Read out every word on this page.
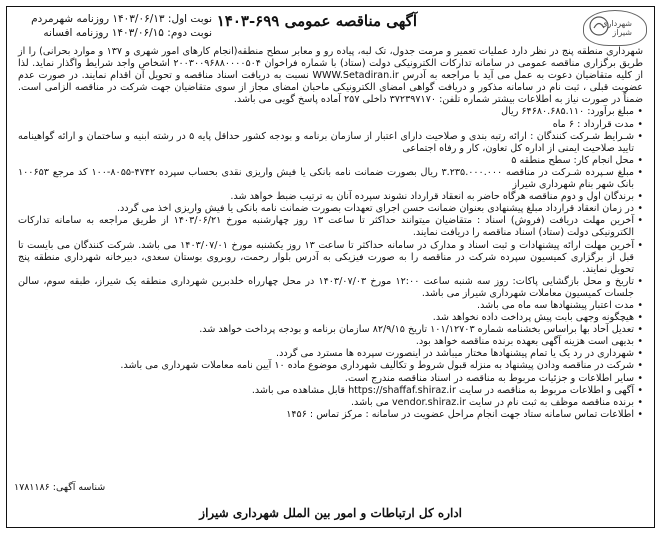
شهرداری شیراز
آگهی مناقصه عمومی ۶۹۹-۱۴۰۳
نوبت اول: ۱۴۰۳/۰۶/۱۳ روزنامه شهرمردم
نوبت دوم: ۱۴۰۳/۰۶/۱۵ روزنامه افسانه

شهرداری منطقه پنج در نظر دارد عملیات تعمیر و مرمت جدول، تک لبه، پیاده رو و معابر سطح منطقه(انجام کارهای امور شهری و ۱۳۷ و موارد بحرانی) را از طریق برگزاری مناقصه عمومی در سامانه تدارکات الکترونیکی دولت (ستاد) با شماره فراخوان ۲۰۰۳۰۰۹۶۸۸۰۰۰۰۵۰۴ اشخاص واجد شرایط واگذار نماید. لذا از کلیه متقاضیان دعوت به عمل می آید با مراجعه به آدرس WWW.Setadiran.ir نسبت به دریافت اسناد مناقصه و تحویل آن اقدام نمایند. در صورت عدم عضویت قبلی ، ثبت نام در سامانه مذکور و دریافت گواهی امضای الکترونیکی ماحبان امضای مجاز از سوی متقاضیان جهت شرکت در مناقصه الزامی است. ضمناً در صورت نیاز به اطلاعات بیشتر شماره تلفن: ۳۷۲۳۹۷۱۷۰ داخلی ۲۵۷ آماده پاسخ گویی می باشد.

• مبلغ برآورد: ۶۴۶۸۰.۶۸۵.۱۱۰ ریال

• مدت قرارداد : ۶ ماه

• شـرایط شـرکت کنندگان : ارائه رتبه بندی و صلاحیت دارای اعتبار از سازمان برنامه و بودجه کشور حداقل پایه ۵ در رشته ابنیه و ساختمان و ارائه گواهینامه تایید صلاحیت ایمنی از اداره کل تعاون، کار و رفاه اجتماعی

• محل انجام کار: سطح منطقه ۵

• مبلغ سـپرده شـرکت در مناقصه ۳.۲۳۵.۰۰۰.۰۰۰ ریال بصورت ضمانت نامه بانکی یا فیش واریزی نقدی بحساب سپرده ۴۷۴۲-۸۰۵۵-۱۰۰ کد مرجع ۱۰۰۶۵۳ بانک شهر بنام شهرداری شیراز

• برندگان اول و دوم مناقصه هرگاه حاضر به انعقاد قرارداد نشوند سپرده آنان به ترتیب ضبط خواهد شد.

• در زمان انعقاد قرارداد مبلغ پیشنهادی بعنوان ضمانت حسن اجرای تعهدات بصورت ضمانت نامه بانکی یا فیش واریزی اخذ می گردد.

• آخرین مهلت دریافت (فروش) اسناد : متقاضیان میتوانند حداکثر تا ساعت ۱۳ روز چهارشنبه مورخ ۱۴۰۳/۰۶/۲۱ از طریق مراجعه به سامانه تدارکات الکترونیکی دولت (ستاد) اسناد مناقصه را دریافت نمایند.

• آخرین مهلت ارائه پیشنهادات و ثبت اسناد و مدارک در سامانه حداکثر تا ساعت ۱۳ روز یکشنبه مورخ ۱۴۰۳/۰۷/۰۱ می باشد. شرکت کنندگان می بایست تا قبل از برگزاری کمیسیون سپرده شرکت در مناقصه را به صورت فیزیکی به آدرس بلوار رحمت، روبروی بوستان سعدی، دبیرخانه شهرداری منطقه پنج تحویل نمایند.

• تاریخ و محل بازگشایی پاکات: روز سه شنبه ساعت ۱۲:۰۰ مورخ ۱۴۰۳/۰۷/۰۳ در محل چهارراه خلدبرین شهرداری منطقه یک شیراز، طبقه سوم، سالن جلسات کمیسیون معاملات شهرداری شیراز می باشد.

• مدت اعتبار پیشنهادها سه ماه می باشد.

• هیچگونه وجهی بابت پیش پرداخت داده نخواهد شد.

• تعدیل آحاد بها براساس بخشنامه شماره ۱۰۱/۱۲۷۰۳ تاریخ ۸۲/۹/۱۵ سازمان برنامه و بودجه پرداخت خواهد شد.

• بدیهی است هزینه آگهی بعهده برنده مناقصه خواهد بود.

• شهرداری در رد یک یا تمام پیشنهادها مختار میباشد در اینصورت سپرده ها مسترد می گردد.

• شرکت در مناقصه ودادن پیشنهاد به منزله قبول شروط و تکالیف شهرداری موضوع ماده ۱۰ آیین نامه معاملات شهرداری می باشد.

• سایر اطلاعات و جزئیات مربوط به مناقصه در اسناد مناقصه مندرج است.

• آگهی و اطلاعات مربوط به مناقصه در سایت https://shaffaf.shiraz.ir قابل مشاهده می باشد.

• برنده مناقصه موظف به ثبت نام در سایت vendor.shiraz.ir می باشد.

• اطلاعات تماس سامانه ستاد جهت انجام مراحل عضویت در سامانه : مرکز تماس : ۱۴۵۶

شناسه آگهی: ۱۷۸۱۱۸۶
اداره کل ارتباطات و امور بین الملل شهرداری شیراز
